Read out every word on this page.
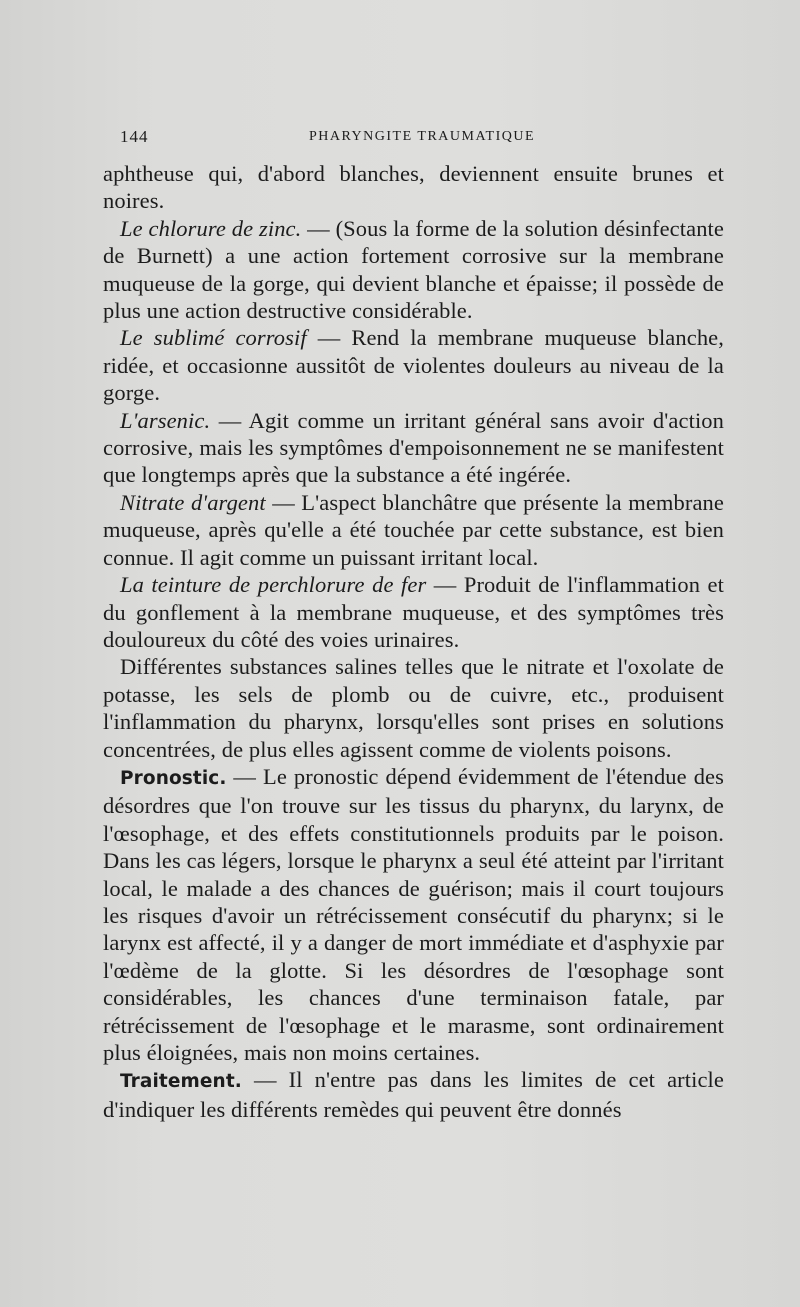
144	PHARYNGITE TRAUMATIQUE

aphtheuse qui, d'abord blanches, deviennent ensuite brunes et noires.

Le chlorure de zinc. — (Sous la forme de la solution désinfectante de Burnett) a une action fortement corrosive sur la membrane muqueuse de la gorge, qui devient blanche et épaisse; il possède de plus une action destructive considérable.

Le sublimé corrosif — Rend la membrane muqueuse blanche, ridée, et occasionne aussitôt de violentes douleurs au niveau de la gorge.

L'arsenic. — Agit comme un irritant général sans avoir d'action corrosive, mais les symptômes d'empoisonnement ne se manifestent que longtemps après que la substance a été ingérée.

Nitrate d'argent — L'aspect blanchâtre que présente la membrane muqueuse, après qu'elle a été touchée par cette substance, est bien connue. Il agit comme un puissant irritant local.

La teinture de perchlorure de fer — Produit de l'inflammation et du gonflement à la membrane muqueuse, et des symptômes très douloureux du côté des voies urinaires.

Différentes substances salines telles que le nitrate et l'oxolate de potasse, les sels de plomb ou de cuivre, etc., produisent l'inflammation du pharynx, lorsqu'elles sont prises en solutions concentrées, de plus elles agissent comme de violents poisons.

Pronostic. — Le pronostic dépend évidemment de l'étendue des désordres que l'on trouve sur les tissus du pharynx, du larynx, de l'œsophage, et des effets constitutionnels produits par le poison. Dans les cas légers, lorsque le pharynx a seul été atteint par l'irritant local, le malade a des chances de guérison; mais il court toujours les risques d'avoir un rétrécissement consécutif du pharynx; si le larynx est affecté, il y a danger de mort immédiate et d'asphyxie par l'œdème de la glotte. Si les désordres de l'œsophage sont considérables, les chances d'une terminaison fatale, par rétrécissement de l'œsophage et le marasme, sont ordinairement plus éloignées, mais non moins certaines.

Traitement. — Il n'entre pas dans les limites de cet article d'indiquer les différents remèdes qui peuvent être donnés
